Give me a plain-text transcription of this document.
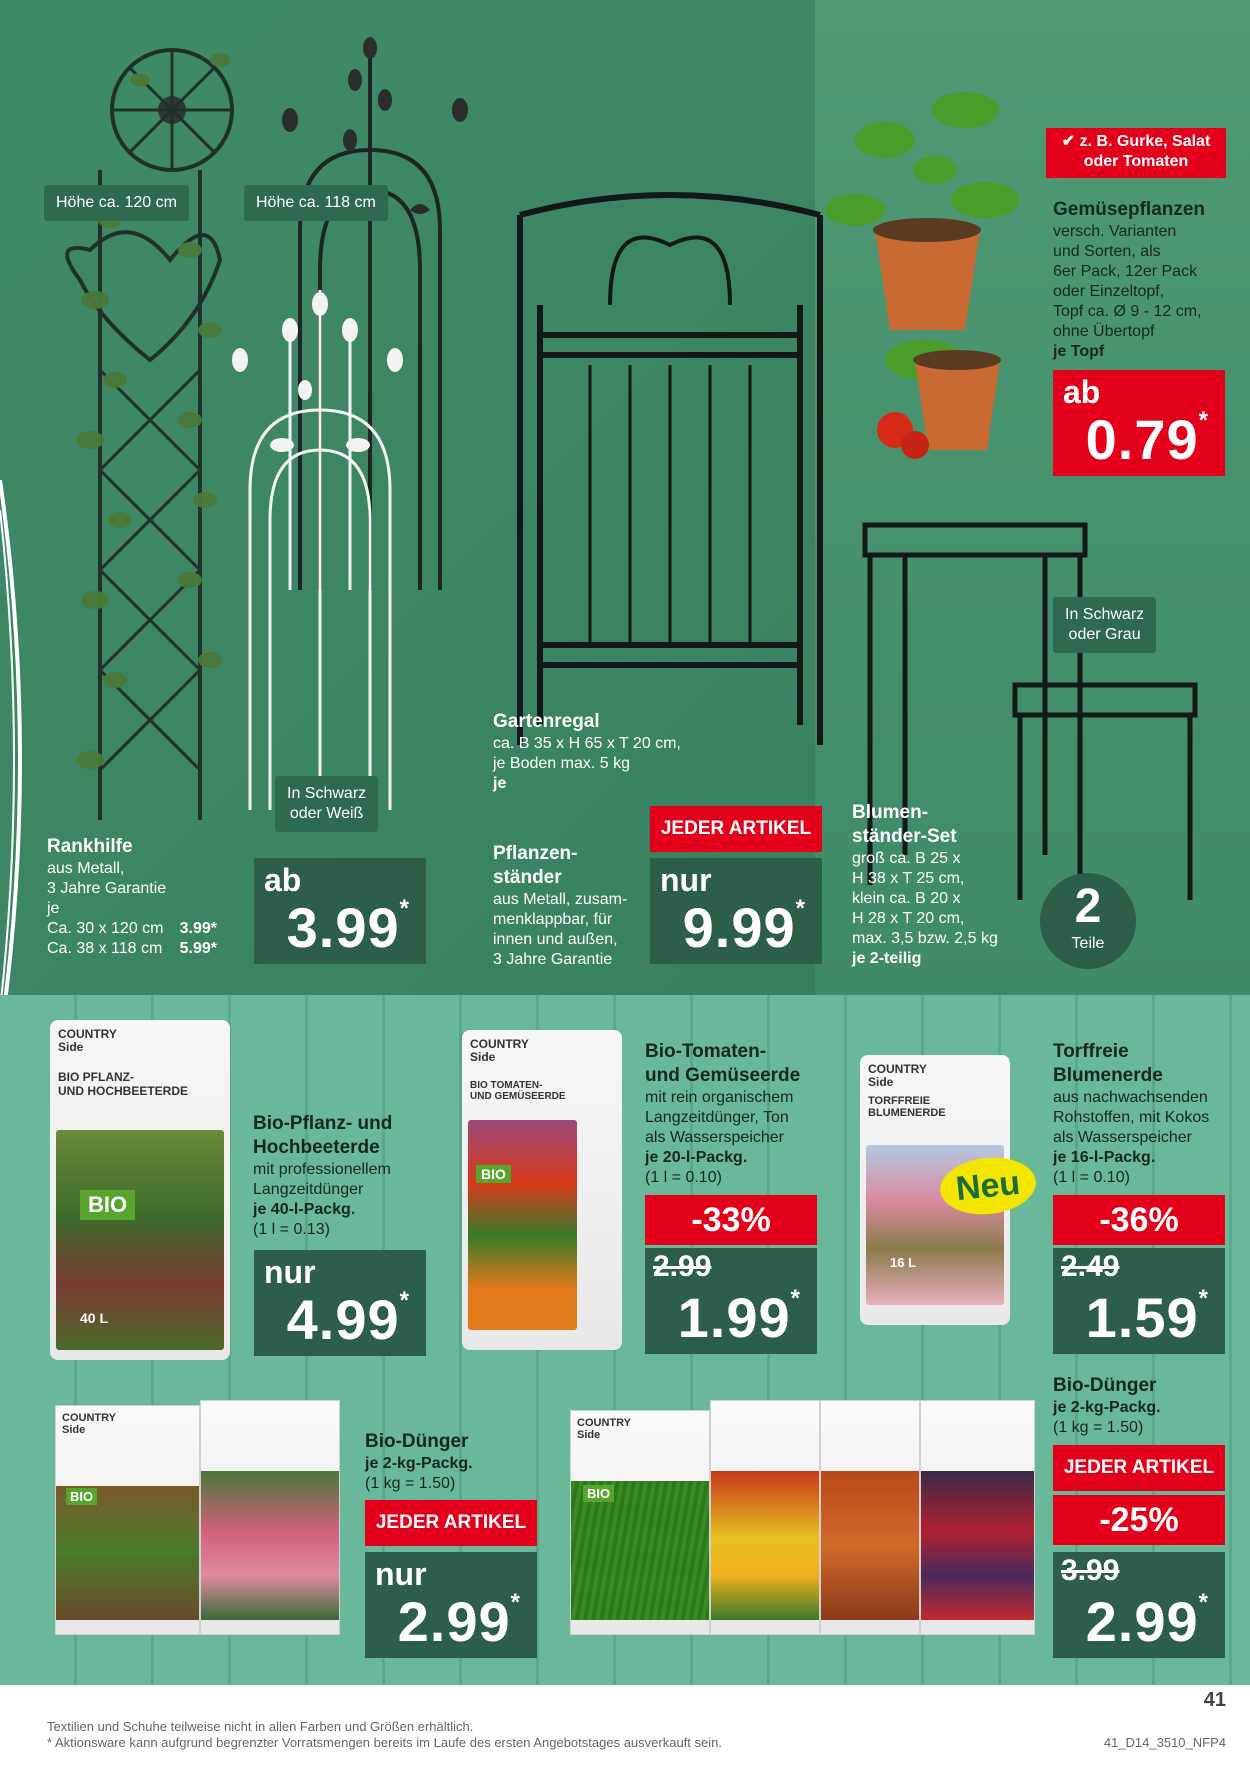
Höhe ca. 120 cm	Höhe ca. 118 cm
In Schwarz
oder Weiß
In Schwarz
oder Grau
✔ z. B. Gurke, Salat
oder Tomaten
Rankhilfe
aus Metall,
3 Jahre Garantie
je
Ca. 30 x 120 cm 3.99*
Ca. 38 x 118 cm 5.99*
ab
3.99*
Gartenregal
ca. B 35 x H 65 x T 20 cm,
je Boden max. 5 kg
je
Pflanzen-
ständer
aus Metall, zusam-
menklappbar, für
innen und außen,
3 Jahre Garantie
JEDER ARTIKEL
nur
9.99*
Blumen-
ständer-Set
groß ca. B 25 x
H 38 x T 25 cm,
klein ca. B 20 x
H 28 x T 20 cm,
max. 3,5 bzw. 2,5 kg
je 2-teilig
2
Teile
Gemüsepflanzen
versch. Varianten
und Sorten, als
6er Pack, 12er Pack
oder Einzeltopf,
Topf ca. Ø 9 - 12 cm,
ohne Übertopf
je Topf
ab
0.79*
COUNTRY
Side
BIO PFLANZ-
UND HOCHBEETERDE
BIO
40 L
Bio-Pflanz- und
Hochbeeterde
mit professionellem
Langzeitdünger
je 40-l-Packg.
(1 l = 0.13)
nur
4.99*
COUNTRY
Side
BIO TOMATEN-
UND GEMÜSEERDE
BIO
Bio-Tomaten-
und Gemüseerde
mit rein organischem
Langzeitdünger, Ton
als Wasserspeicher
je 20-l-Packg.
(1 l = 0.10)
-33%
2.99
1.99*
COUNTRY
Side
TORFFREIE
BLUMENERDE
16 L
Neu
Torffreie
Blumenerde
aus nachwachsenden
Rohstoffen, mit Kokos
als Wasserspeicher
je 16-l-Packg.
(1 l = 0.10)
-36%
2.49
1.59*
COUNTRY
Side
BIO
Bio-Dünger
je 2-kg-Packg.
(1 kg = 1.50)
JEDER ARTIKEL
nur
2.99*
COUNTRY
Side
BIO
Bio-Dünger
je 2-kg-Packg.
(1 kg = 1.50)
JEDER ARTIKEL
-25%
3.99
2.99*
41
Textilien und Schuhe teilweise nicht in allen Farben und Größen erhältlich.
* Aktionsware kann aufgrund begrenzter Vorratsmengen bereits im Laufe des ersten Angebotstages ausverkauft sein.	41_D14_3510_NFP4
